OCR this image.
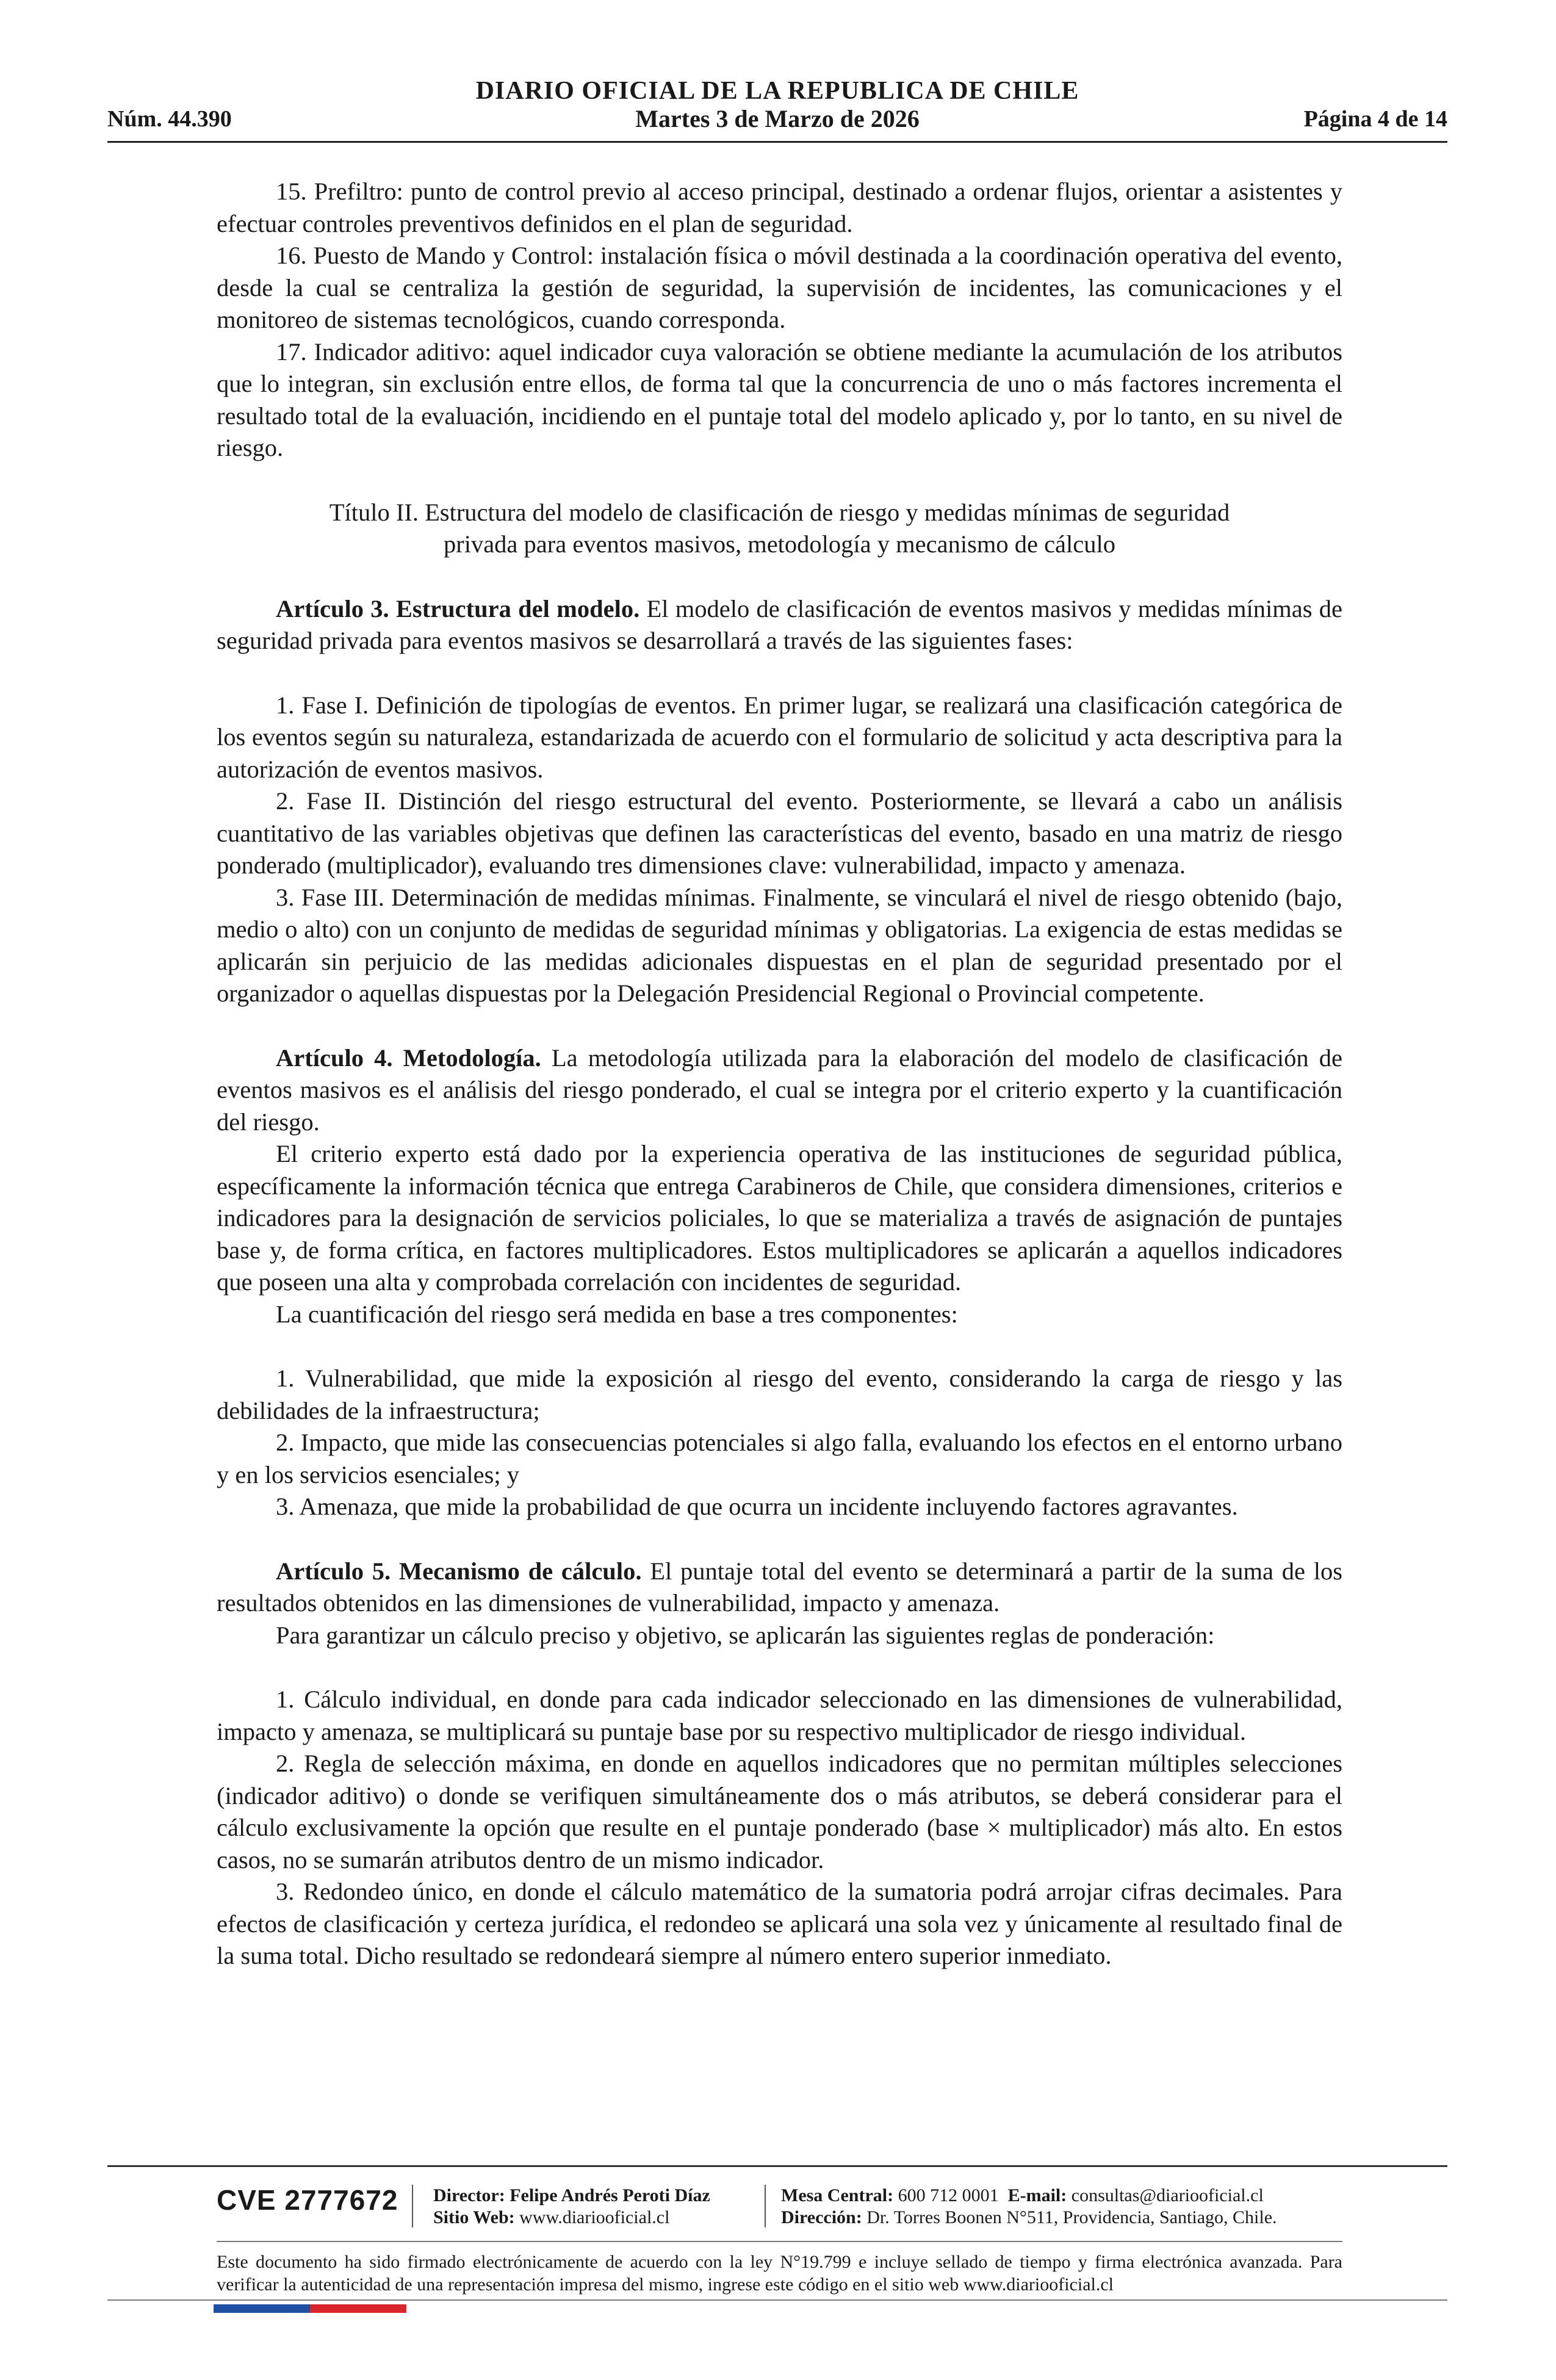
DIARIO OFICIAL DE LA REPUBLICA DE CHILE
Núm. 44.390	Martes 3 de Marzo de 2026	Página 4 de 14

15. Prefiltro: punto de control previo al acceso principal, destinado a ordenar flujos, orientar a asistentes y efectuar controles preventivos definidos en el plan de seguridad.

16. Puesto de Mando y Control: instalación física o móvil destinada a la coordinación operativa del evento, desde la cual se centraliza la gestión de seguridad, la supervisión de incidentes, las comunicaciones y el monitoreo de sistemas tecnológicos, cuando corresponda.

17. Indicador aditivo: aquel indicador cuya valoración se obtiene mediante la acumulación de los atributos que lo integran, sin exclusión entre ellos, de forma tal que la concurrencia de uno o más factores incrementa el resultado total de la evaluación, incidiendo en el puntaje total del modelo aplicado y, por lo tanto, en su nivel de riesgo.

Título II. Estructura del modelo de clasificación de riesgo y medidas mínimas de seguridad
privada para eventos masivos, metodología y mecanismo de cálculo

Artículo 3. Estructura del modelo. El modelo de clasificación de eventos masivos y medidas mínimas de seguridad privada para eventos masivos se desarrollará a través de las siguientes fases:

1. Fase I. Definición de tipologías de eventos. En primer lugar, se realizará una clasificación categórica de los eventos según su naturaleza, estandarizada de acuerdo con el formulario de solicitud y acta descriptiva para la autorización de eventos masivos.

2. Fase II. Distinción del riesgo estructural del evento. Posteriormente, se llevará a cabo un análisis cuantitativo de las variables objetivas que definen las características del evento, basado en una matriz de riesgo ponderado (multiplicador), evaluando tres dimensiones clave: vulnerabilidad, impacto y amenaza.

3. Fase III. Determinación de medidas mínimas. Finalmente, se vinculará el nivel de riesgo obtenido (bajo, medio o alto) con un conjunto de medidas de seguridad mínimas y obligatorias. La exigencia de estas medidas se aplicarán sin perjuicio de las medidas adicionales dispuestas en el plan de seguridad presentado por el organizador o aquellas dispuestas por la Delegación Presidencial Regional o Provincial competente.

Artículo 4. Metodología. La metodología utilizada para la elaboración del modelo de clasificación de eventos masivos es el análisis del riesgo ponderado, el cual se integra por el criterio experto y la cuantificación del riesgo.

El criterio experto está dado por la experiencia operativa de las instituciones de seguridad pública, específicamente la información técnica que entrega Carabineros de Chile, que considera dimensiones, criterios e indicadores para la designación de servicios policiales, lo que se materializa a través de asignación de puntajes base y, de forma crítica, en factores multiplicadores. Estos multiplicadores se aplicarán a aquellos indicadores que poseen una alta y comprobada correlación con incidentes de seguridad.

La cuantificación del riesgo será medida en base a tres componentes:

1. Vulnerabilidad, que mide la exposición al riesgo del evento, considerando la carga de riesgo y las debilidades de la infraestructura;

2. Impacto, que mide las consecuencias potenciales si algo falla, evaluando los efectos en el entorno urbano y en los servicios esenciales; y

3. Amenaza, que mide la probabilidad de que ocurra un incidente incluyendo factores agravantes.

Artículo 5. Mecanismo de cálculo. El puntaje total del evento se determinará a partir de la suma de los resultados obtenidos en las dimensiones de vulnerabilidad, impacto y amenaza.

Para garantizar un cálculo preciso y objetivo, se aplicarán las siguientes reglas de ponderación:

1. Cálculo individual, en donde para cada indicador seleccionado en las dimensiones de vulnerabilidad, impacto y amenaza, se multiplicará su puntaje base por su respectivo multiplicador de riesgo individual.

2. Regla de selección máxima, en donde en aquellos indicadores que no permitan múltiples selecciones (indicador aditivo) o donde se verifiquen simultáneamente dos o más atributos, se deberá considerar para el cálculo exclusivamente la opción que resulte en el puntaje ponderado (base × multiplicador) más alto. En estos casos, no se sumarán atributos dentro de un mismo indicador.

3. Redondeo único, en donde el cálculo matemático de la sumatoria podrá arrojar cifras decimales. Para efectos de clasificación y certeza jurídica, el redondeo se aplicará una sola vez y únicamente al resultado final de la suma total. Dicho resultado se redondeará siempre al número entero superior inmediato.

CVE 2777672 Director: Felipe Andrés Peroti Díaz
Sitio Web: www.diariooficial.cl
Mesa Central: 600 712 0001 E-mail: consultas@diariooficial.cl
Dirección: Dr. Torres Boonen N°511, Providencia, Santiago, Chile.
Este documento ha sido firmado electrónicamente de acuerdo con la ley N°19.799 e incluye sellado de tiempo y firma electrónica avanzada. Para verificar la autenticidad de una representación impresa del mismo, ingrese este código en el sitio web www.diariooficial.cl
